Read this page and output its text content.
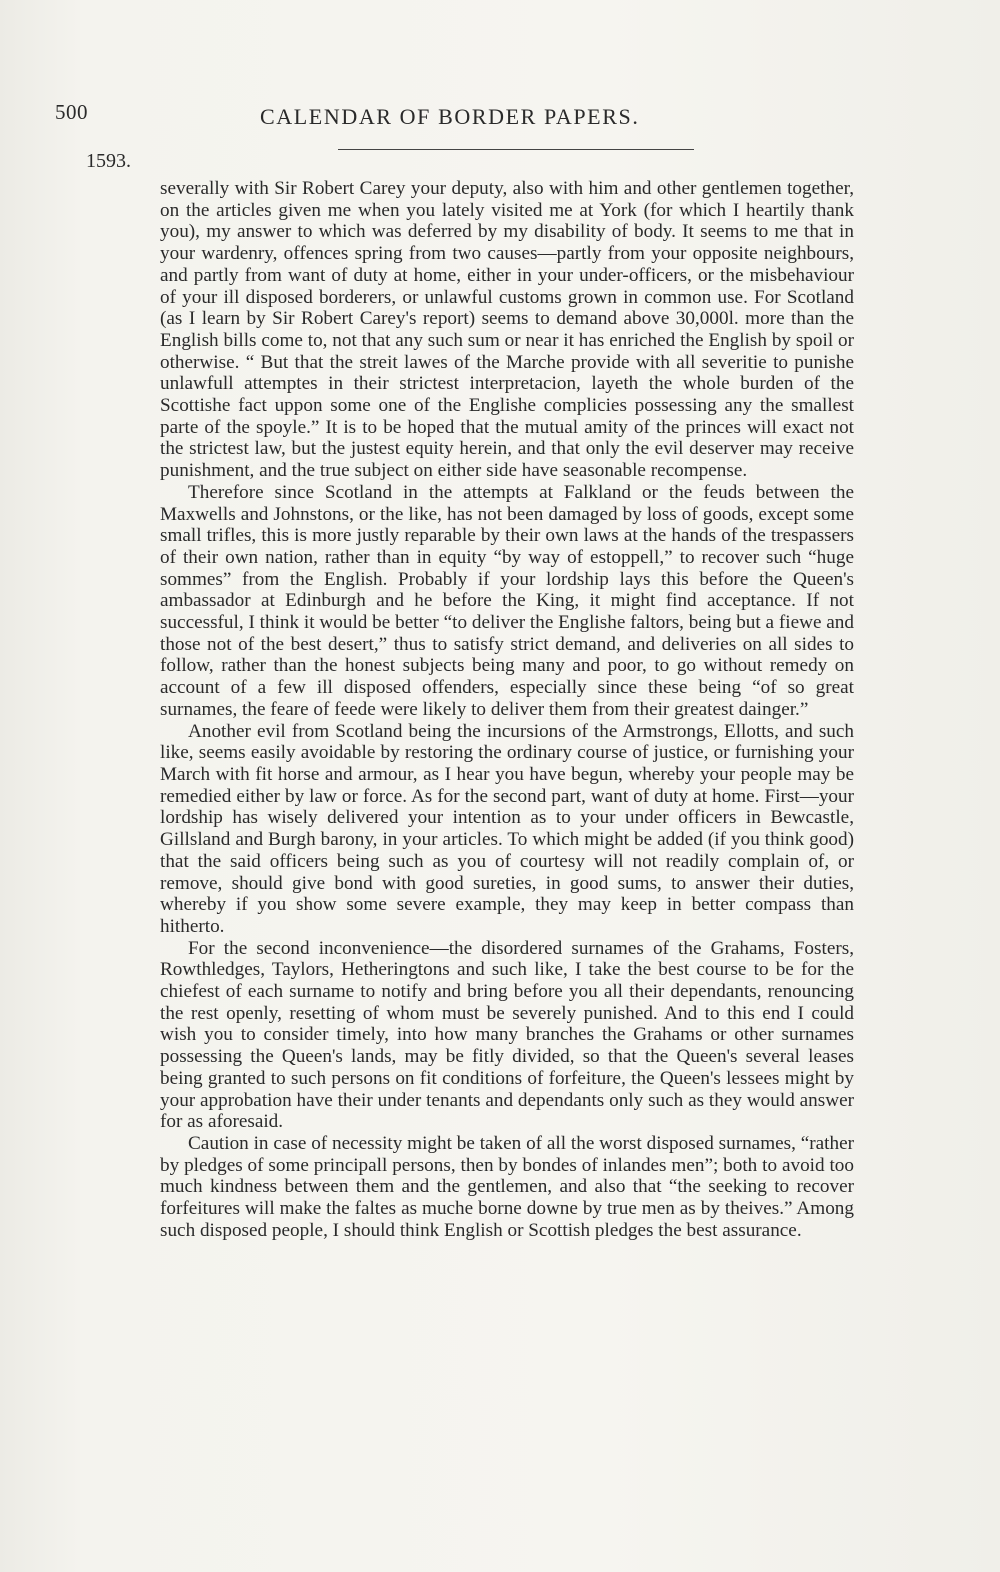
500	CALENDAR OF BORDER PAPERS.
1593.

severally with Sir Robert Carey your deputy, also with him and other gentlemen together, on the articles given me when you lately visited me at York (for which I heartily thank you), my answer to which was deferred by my disability of body. It seems to me that in your wardenry, offences spring from two causes—partly from your opposite neighbours, and partly from want of duty at home, either in your under-officers, or the misbehaviour of your ill disposed borderers, or unlawful customs grown in common use. For Scotland (as I learn by Sir Robert Carey's report) seems to demand above 30,000l. more than the English bills come to, not that any such sum or near it has enriched the English by spoil or otherwise. “ But that the streit lawes of the Marche provide with all severitie to punishe unlawfull attemptes in their strictest interpretacion, layeth the whole burden of the Scottishe fact uppon some one of the Englishe complicies possessing any the smallest parte of the spoyle.” It is to be hoped that the mutual amity of the princes will exact not the strictest law, but the justest equity herein, and that only the evil deserver may receive punishment, and the true subject on either side have seasonable recompense.

Therefore since Scotland in the attempts at Falkland or the feuds between the Maxwells and Johnstons, or the like, has not been damaged by loss of goods, except some small trifles, this is more justly reparable by their own laws at the hands of the trespassers of their own nation, rather than in equity “by way of estoppell,” to recover such “huge sommes” from the English. Probably if your lordship lays this before the Queen's ambassador at Edinburgh and he before the King, it might find acceptance. If not successful, I think it would be better “to deliver the Englishe faltors, being but a fiewe and those not of the best desert,” thus to satisfy strict demand, and deliveries on all sides to follow, rather than the honest subjects being many and poor, to go without remedy on account of a few ill disposed offenders, especially since these being “of so great surnames, the feare of feede were likely to deliver them from their greatest dainger.”

Another evil from Scotland being the incursions of the Armstrongs, Ellotts, and such like, seems easily avoidable by restoring the ordinary course of justice, or furnishing your March with fit horse and armour, as I hear you have begun, whereby your people may be remedied either by law or force. As for the second part, want of duty at home. First—your lordship has wisely delivered your intention as to your under officers in Bewcastle, Gillsland and Burgh barony, in your articles. To which might be added (if you think good) that the said officers being such as you of courtesy will not readily complain of, or remove, should give bond with good sureties, in good sums, to answer their duties, whereby if you show some severe example, they may keep in better compass than hitherto.

For the second inconvenience—the disordered surnames of the Grahams, Fosters, Rowthledges, Taylors, Hetheringtons and such like, I take the best course to be for the chiefest of each surname to notify and bring before you all their dependants, renouncing the rest openly, resetting of whom must be severely punished. And to this end I could wish you to consider timely, into how many branches the Grahams or other surnames possessing the Queen's lands, may be fitly divided, so that the Queen's several leases being granted to such persons on fit conditions of forfeiture, the Queen's lessees might by your approbation have their under tenants and dependants only such as they would answer for as aforesaid.

Caution in case of necessity might be taken of all the worst disposed surnames, “rather by pledges of some principall persons, then by bondes of inlandes men”; both to avoid too much kindness between them and the gentlemen, and also that “the seeking to recover forfeitures will make the faltes as muche borne downe by true men as by theives.” Among such disposed people, I should think English or Scottish pledges the best assurance.
